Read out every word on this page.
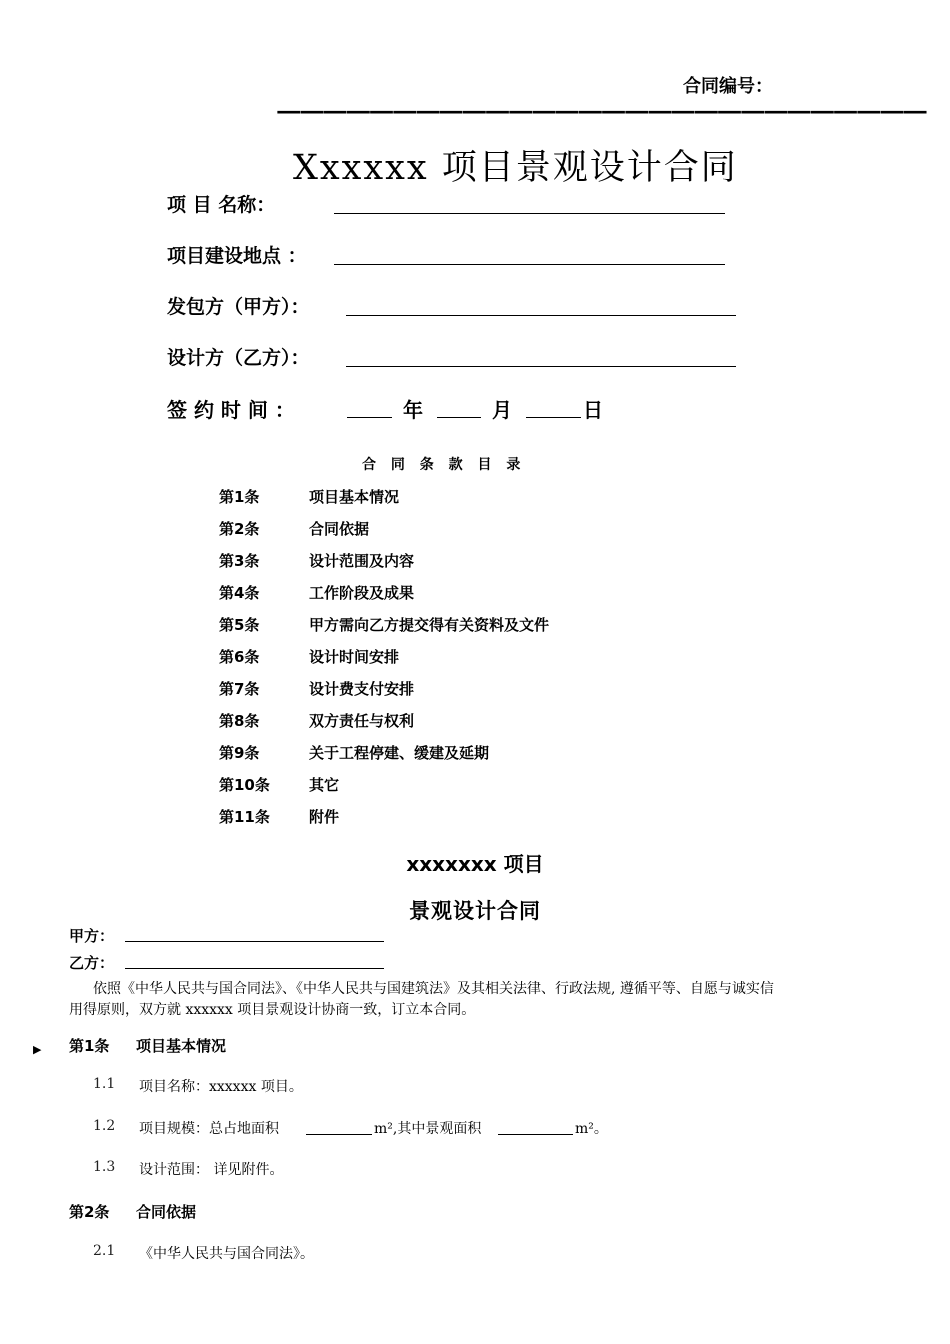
合同编号：
————————————————————————————
Xxxxxx 项目景观设计合同
项 目 名称：
项目建设地点 ：
发包方（甲方）：
设计方（乙方）：
签 约 时 间 ：	年	月	日
合 同 条 款 目 录
第1条	项目基本情况
第2条	合同依据
第3条	设计范围及内容
第4条	工作阶段及成果
第5条	甲方需向乙方提交得有关资料及文件
第6条	设计时间安排
第7条	设计费支付安排
第8条	双方责任与权利
第9条	关于工程停建、缓建及延期
第10条	其它
第11条	附件
xxxxxxx 项目
景观设计合同
甲方：
乙方：
依照《中华人民共与国合同法》、《中华人民共与国建筑法》及其相关法律、行政法规, 遵循平等、自愿与诚实信
用得原则，双方就 xxxxxx 项目景观设计协商一致，订立本合同。
▶ 第1条 项目基本情况
1.1 项目名称：xxxxxx 项目。
1.2 项目规模：总占地面积	m²,其中景观面积	m²。
1.3 设计范围： 详见附件。
第2条 合同依据
2.1 《中华人民共与国合同法》。
